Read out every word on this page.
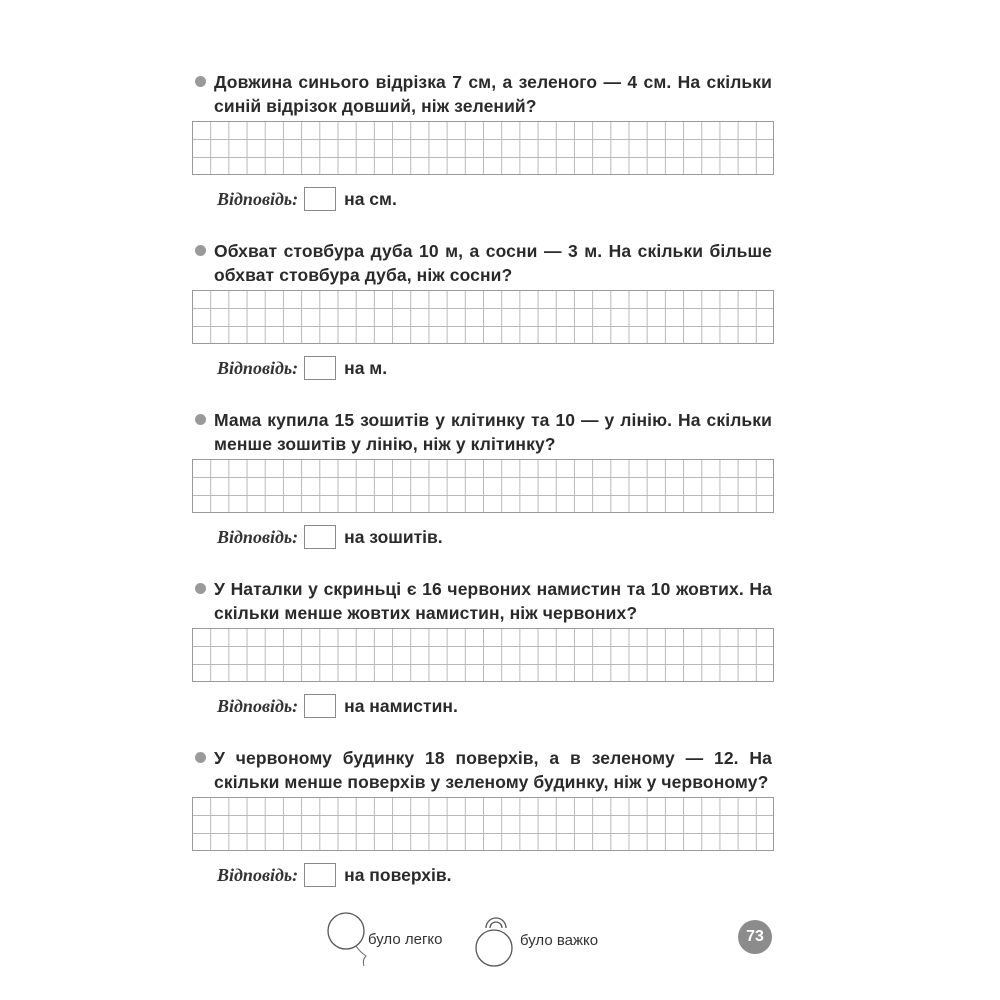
Довжина синього відрізка 7 см, а зеленого — 4 см. На скільки синій відрізок довший, ніж зелений?

Відповідь:	на см.

Обхват стовбура дуба 10 м, а сосни — 3 м. На скільки більше обхват стовбура дуба, ніж сосни?

Відповідь:	на м.

Мама купила 15 зошитів у клітинку та 10 — у лінію. На скільки менше зошитів у лінію, ніж у клітинку?

Відповідь:	на зошитів.

У Наталки у скриньці є 16 червоних намистин та 10 жовтих. На скільки менше жовтих намистин, ніж червоних?

Відповідь:	на намистин.

У червоному будинку 18 поверхів, а в зеленому — 12. На скільки менше поверхів у зеленому будинку, ніж у червоному?

Відповідь:	на поверхів.
було легко	було важко	73
